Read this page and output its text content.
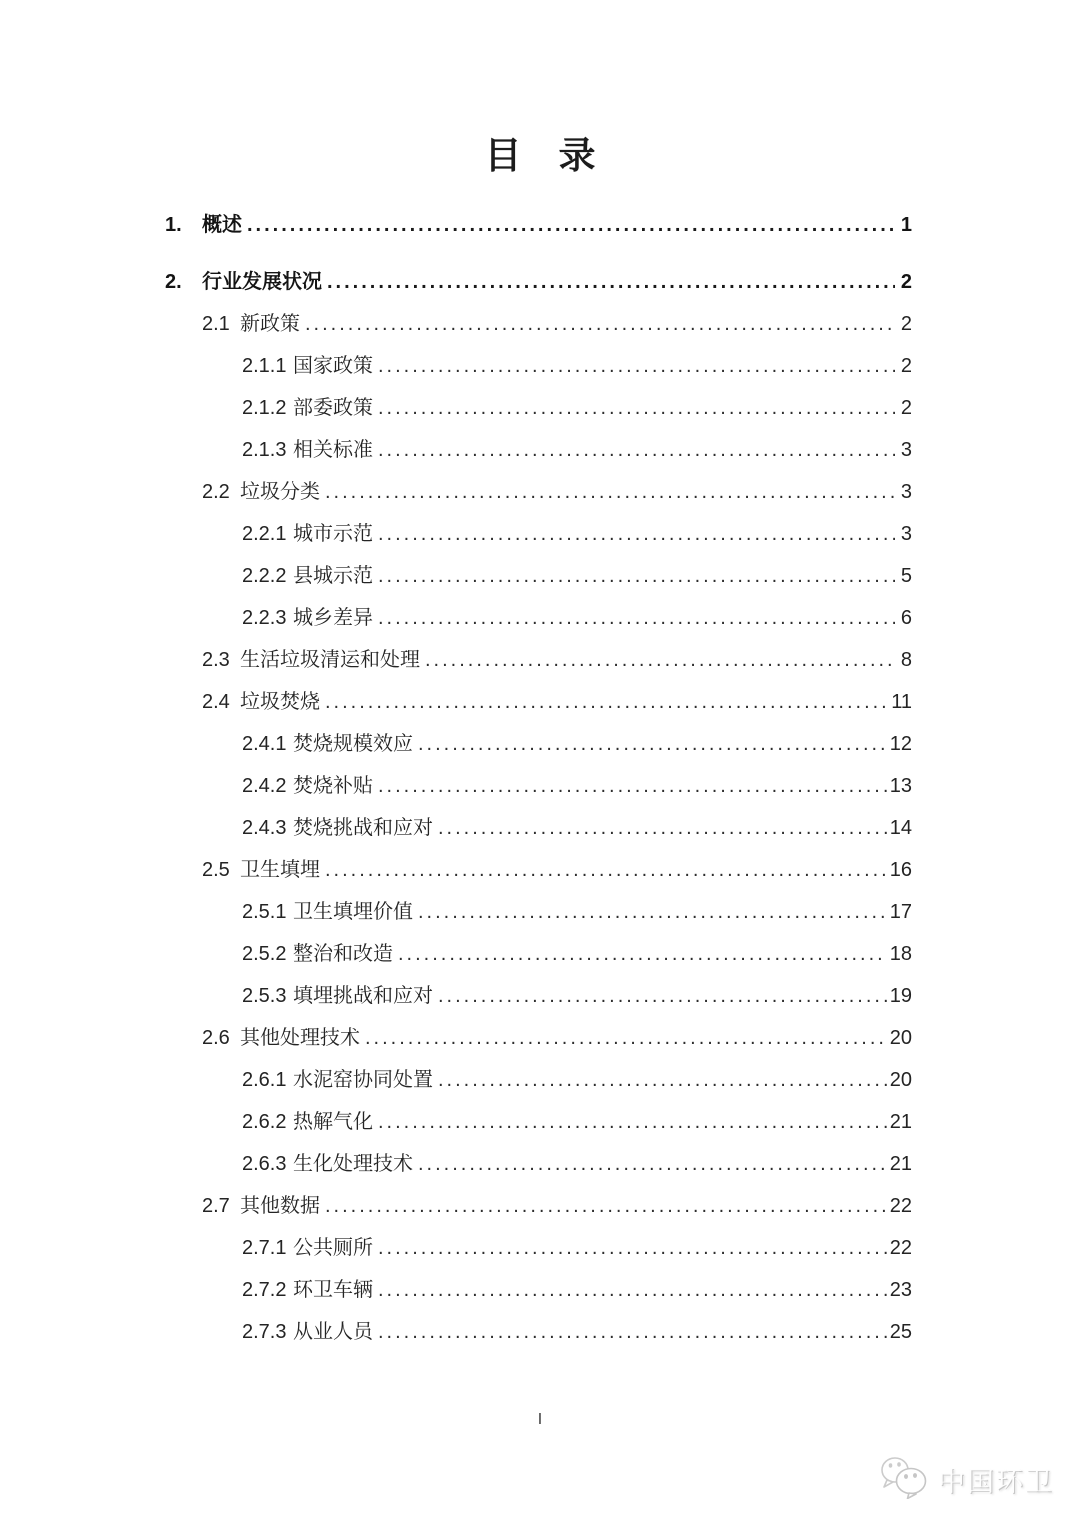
目　录
1.	概述 .....	1
2.	行业发展状况 .....	2
2.1 新政策 .....	2
2.1.1 国家政策 .....	2
2.1.2 部委政策 .....	2
2.1.3 相关标准 .....	3
2.2 垃圾分类 .....	3
2.2.1 城市示范 .....	3
2.2.2 县城示范 .....	5
2.2.3 城乡差异 .....	6
2.3 生活垃圾清运和处理 .....	8
2.4 垃圾焚烧 .....	11
2.4.1 焚烧规模效应 .....	12
2.4.2 焚烧补贴 .....	13
2.4.3 焚烧挑战和应对 .....	14
2.5 卫生填埋 .....	16
2.5.1 卫生填埋价值 .....	17
2.5.2 整治和改造 .....	18
2.5.3 填埋挑战和应对 .....	19
2.6 其他处理技术 .....	20
2.6.1 水泥窑协同处置 .....	20
2.6.2 热解气化 .....	21
2.6.3 生化处理技术 .....	21
2.7 其他数据 .....	22
2.7.1 公共厕所 .....	22
2.7.2 环卫车辆 .....	23
2.7.3 从业人员 .....	25
I
中国环卫
